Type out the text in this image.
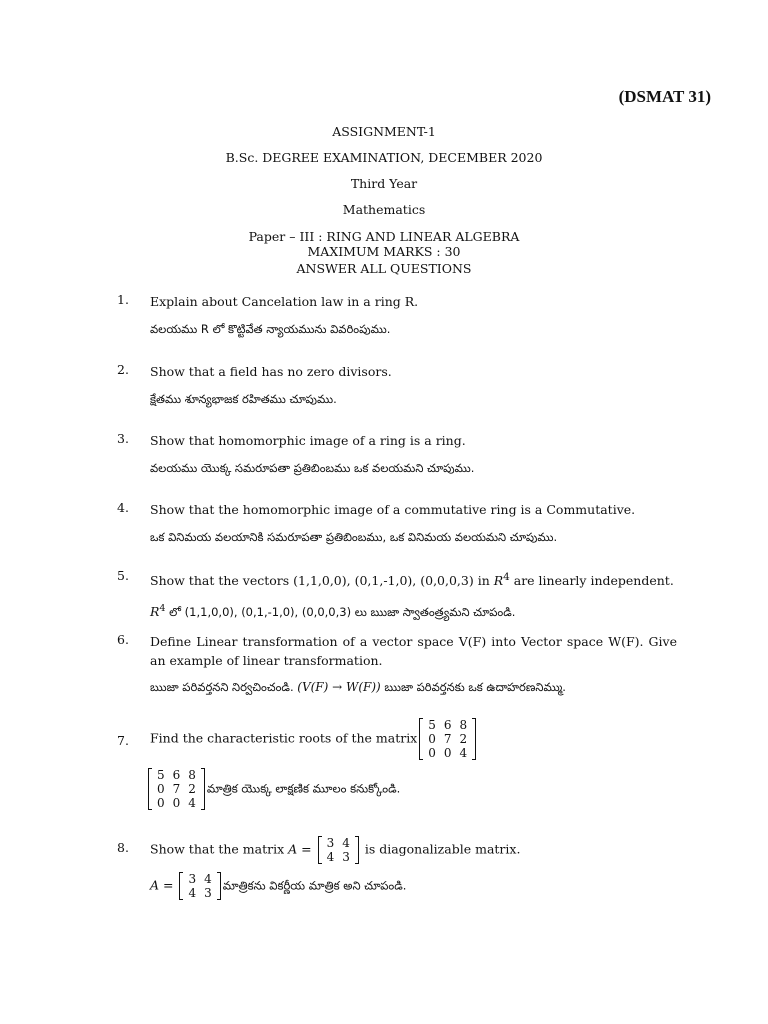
(DSMAT 31)
ASSIGNMENT-1
B.Sc. DEGREE EXAMINATION, DECEMBER 2020
Third Year
Mathematics
Paper – III : RING AND LINEAR ALGEBRA
MAXIMUM MARKS : 30
ANSWER ALL QUESTIONS
1. Explain about Cancelation law in a ring R.
వలయము R లో కొట్టివేత న్యాయమును వివరింపుము.
2. Show that a field has no zero divisors.
క్షేతము శూన్యభాజక రహితము చూపుము.
3. Show that homomorphic image of a ring is a ring.
వలయము యొక్క సమరూపతా ప్రతిబింబము ఒక వలయమని చూపుము.
4. Show that the homomorphic image of a commutative ring is a Commutative.
ఒక వినిమయ వలయానికి సమరూపతా ప్రతిబింబము, ఒక వినిమయ వలయమని చూపుము.
5. Show that the vectors (1,1,0,0), (0,1,-1,0), (0,0,0,3) in $R^4$ are linearly independent.
$R^4$ లో (1,1,0,0), (0,1,-1,0), (0,0,0,3) లు ఋజా స్వాతంత్ర్యమని చూపండి.
6. Define Linear transformation of a vector space V(F) into Vector space W(F). Give an example of linear transformation.
ఋజా పరివర్తనని నిర్వచించండి. (V(F) → W(F)) ఋజా పరివర్తనకు ఒక ఉదాహరణనిమ్ము.
7. Find the characteristic roots of the matrix
5	6	8
0	7	2
0	0	4
5	6	8
0	7	2
0	0	4
మాత్రిక యొక్క లాక్షణిక మూలం కనుక్కోండి.
8. Show that the matrix A = 3	4
4	3
is diagonalizable matrix.
A = 3	4
4	3
మాత్రికను వికర్ణీయ మాత్రిక అని చూపండి.
